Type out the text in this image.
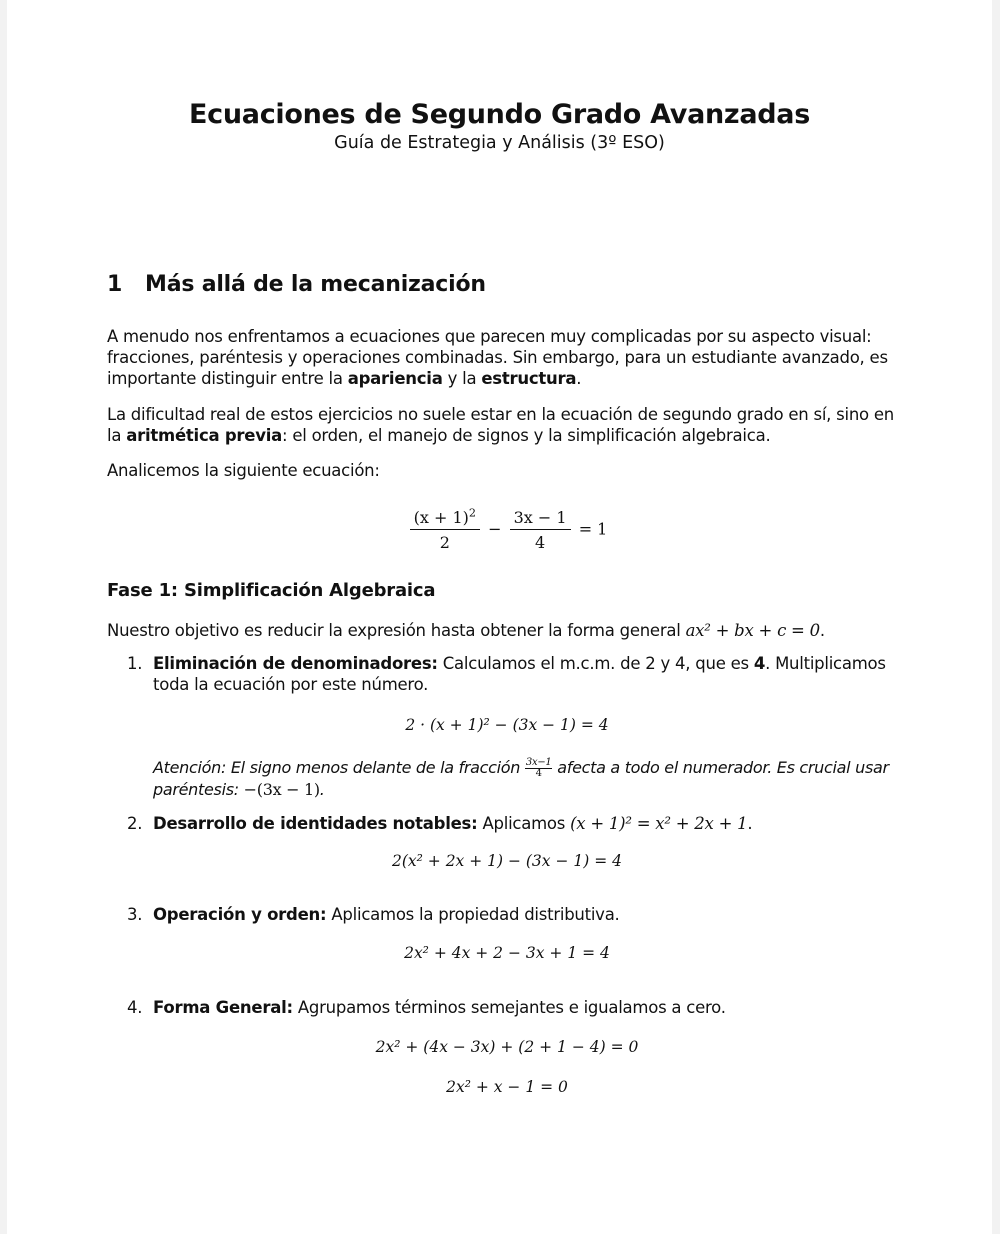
Ecuaciones de Segundo Grado Avanzadas
Guía de Estrategia y Análisis (3º ESO)
1 Más allá de la mecanización

A menudo nos enfrentamos a ecuaciones que parecen muy complicadas por su aspecto visual: fracciones, paréntesis y operaciones combinadas. Sin embargo, para un estudiante avanzado, es importante distinguir entre la apariencia y la estructura.

La dificultad real de estos ejercicios no suele estar en la ecuación de segundo grado en sí, sino en la aritmética previa: el orden, el manejo de signos y la simplificación algebraica.

Analicemos la siguiente ecuación:

$\frac{(x + 1)^2}{2} - \frac{3x - 1}{4} = 1$
Fase 1: Simplificación Algebraica

Nuestro objetivo es reducir la expresión hasta obtener la forma general ax² + bx + c = 0.

1. Eliminación de denominadores: Calculamos el m.c.m. de 2 y 4, que es 4. Multiplicamos toda la ecuación por este número.

2 · (x + 1)² − (3x − 1) = 4
Atención: El signo menos delante de la fracción $\frac{3x-1}{4}$ afecta a todo el numerador. Es crucial usar paréntesis: −(3x − 1).

2. Desarrollo de identidades notables: Aplicamos (x + 1)² = x² + 2x + 1.

2(x² + 2x + 1) − (3x − 1) = 4

3. Operación y orden: Aplicamos la propiedad distributiva.

2x² + 4x + 2 − 3x + 1 = 4

4. Forma General: Agrupamos términos semejantes e igualamos a cero.

2x² + (4x − 3x) + (2 + 1 − 4) = 0
2x² + x − 1 = 0
